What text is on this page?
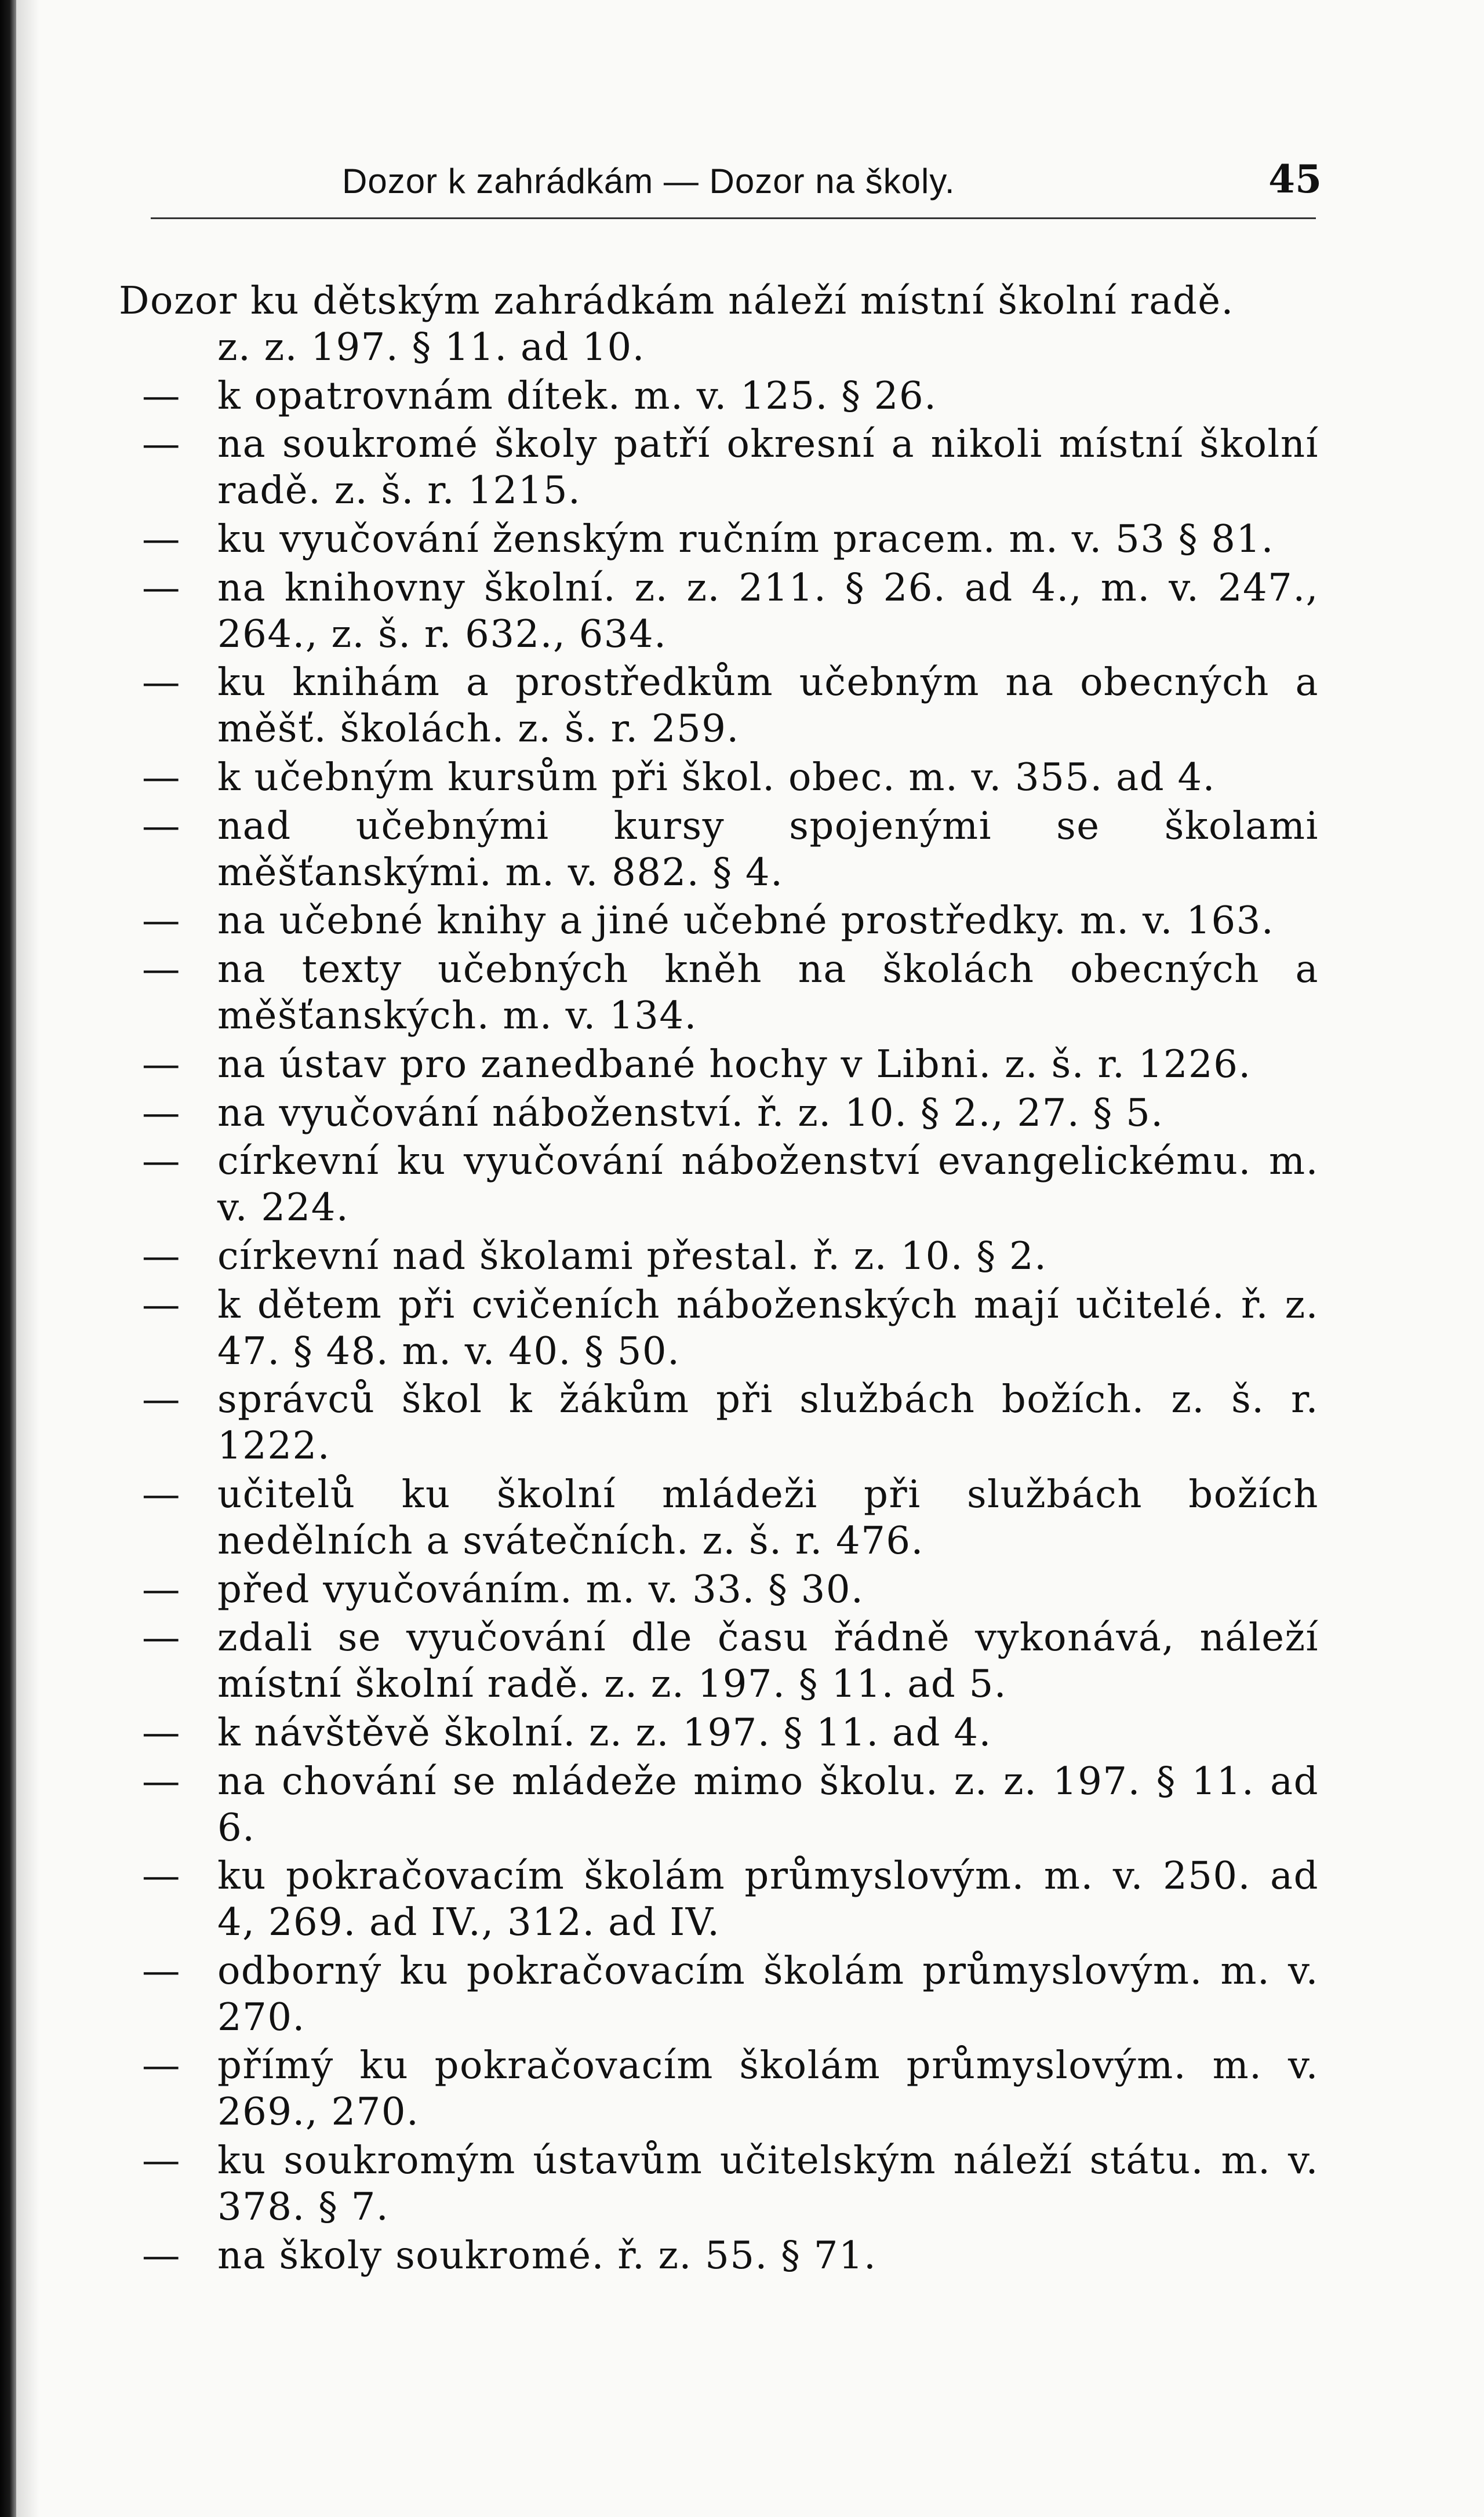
Dozor k zahrádkám — Dozor na školy.	45
Dozor ku dětským zahrádkám náleží místní školní radě.
z. z. 197. § 11. ad 10.
— k opatrovnám dítek. m. v. 125. § 26.
— na soukromé školy patří okresní a nikoli místní školní radě. z. š. r. 1215.
— ku vyučování ženským ručním pracem. m. v. 53 § 81.
— na knihovny školní. z. z. 211. § 26. ad 4., m. v. 247., 264., z. š. r. 632., 634.
— ku knihám a prostředkům učebným na obecných a měšť. školách. z. š. r. 259.
— k učebným kursům při škol. obec. m. v. 355. ad 4.
— nad učebnými kursy spojenými se školami měšťanskými. m. v. 882. § 4.
— na učebné knihy a jiné učebné prostředky. m. v. 163.
— na texty učebných kněh na školách obecných a měšťanských. m. v. 134.
— na ústav pro zanedbané hochy v Libni. z. š. r. 1226.
— na vyučování náboženství. ř. z. 10. § 2., 27. § 5.
— církevní ku vyučování náboženství evangelickému. m. v. 224.
— církevní nad školami přestal. ř. z. 10. § 2.
— k dětem při cvičeních náboženských mají učitelé. ř. z. 47. § 48. m. v. 40. § 50.
— správců škol k žákům při službách božích. z. š. r. 1222.
— učitelů ku školní mládeži při službách božích nedělních a svátečních. z. š. r. 476.
— před vyučováním. m. v. 33. § 30.
— zdali se vyučování dle času řádně vykonává, náleží místní školní radě. z. z. 197. § 11. ad 5.
— k návštěvě školní. z. z. 197. § 11. ad 4.
— na chování se mládeže mimo školu. z. z. 197. § 11. ad 6.
— ku pokračovacím školám průmyslovým. m. v. 250. ad 4, 269. ad IV., 312. ad IV.
— odborný ku pokračovacím školám průmyslovým. m. v. 270.
— přímý ku pokračovacím školám průmyslovým. m. v. 269., 270.
— ku soukromým ústavům učitelským náleží státu. m. v. 378. § 7.
— na školy soukromé. ř. z. 55. § 71.
